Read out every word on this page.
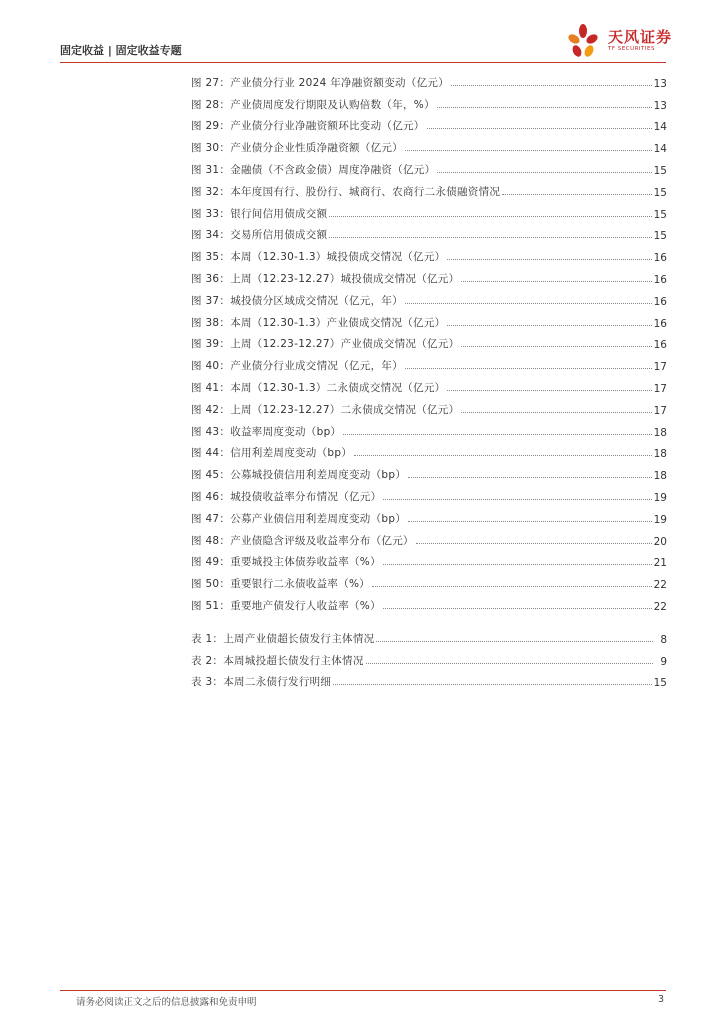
固定收益 | 固定收益专题
天风证券
TF SECURITIES
图 27：产业债分行业 2024 年净融资额变动（亿元）	13
图 28：产业债周度发行期限及认购倍数（年，%）	13
图 29：产业债分行业净融资额环比变动（亿元）	14
图 30：产业债分企业性质净融资额（亿元）	14
图 31：金融债（不含政金债）周度净融资（亿元）	15
图 32：本年度国有行、股份行、城商行、农商行二永债融资情况	15
图 33：银行间信用债成交额	15
图 34：交易所信用债成交额	15
图 35：本周（12.30-1.3）城投债成交情况（亿元）	16
图 36：上周（12.23-12.27）城投债成交情况（亿元）	16
图 37：城投债分区域成交情况（亿元，年）	16
图 38：本周（12.30-1.3）产业债成交情况（亿元）	16
图 39：上周（12.23-12.27）产业债成交情况（亿元）	16
图 40：产业债分行业成交情况（亿元，年）	17
图 41：本周（12.30-1.3）二永债成交情况（亿元）	17
图 42：上周（12.23-12.27）二永债成交情况（亿元）	17
图 43：收益率周度变动（bp）	18
图 44：信用利差周度变动（bp）	18
图 45：公募城投债信用利差周度变动（bp）	18
图 46：城投债收益率分布情况（亿元）	19
图 47：公募产业债信用利差周度变动（bp）	19
图 48：产业债隐含评级及收益率分布（亿元）	20
图 49：重要城投主体债券收益率（%）	21
图 50：重要银行二永债收益率（%）	22
图 51：重要地产债发行人收益率（%）	22
表 1：上周产业债超长债发行主体情况	8
表 2：本周城投超长债发行主体情况	9
表 3：本周二永债行发行明细	15
请务必阅读正文之后的信息披露和免责申明	3
